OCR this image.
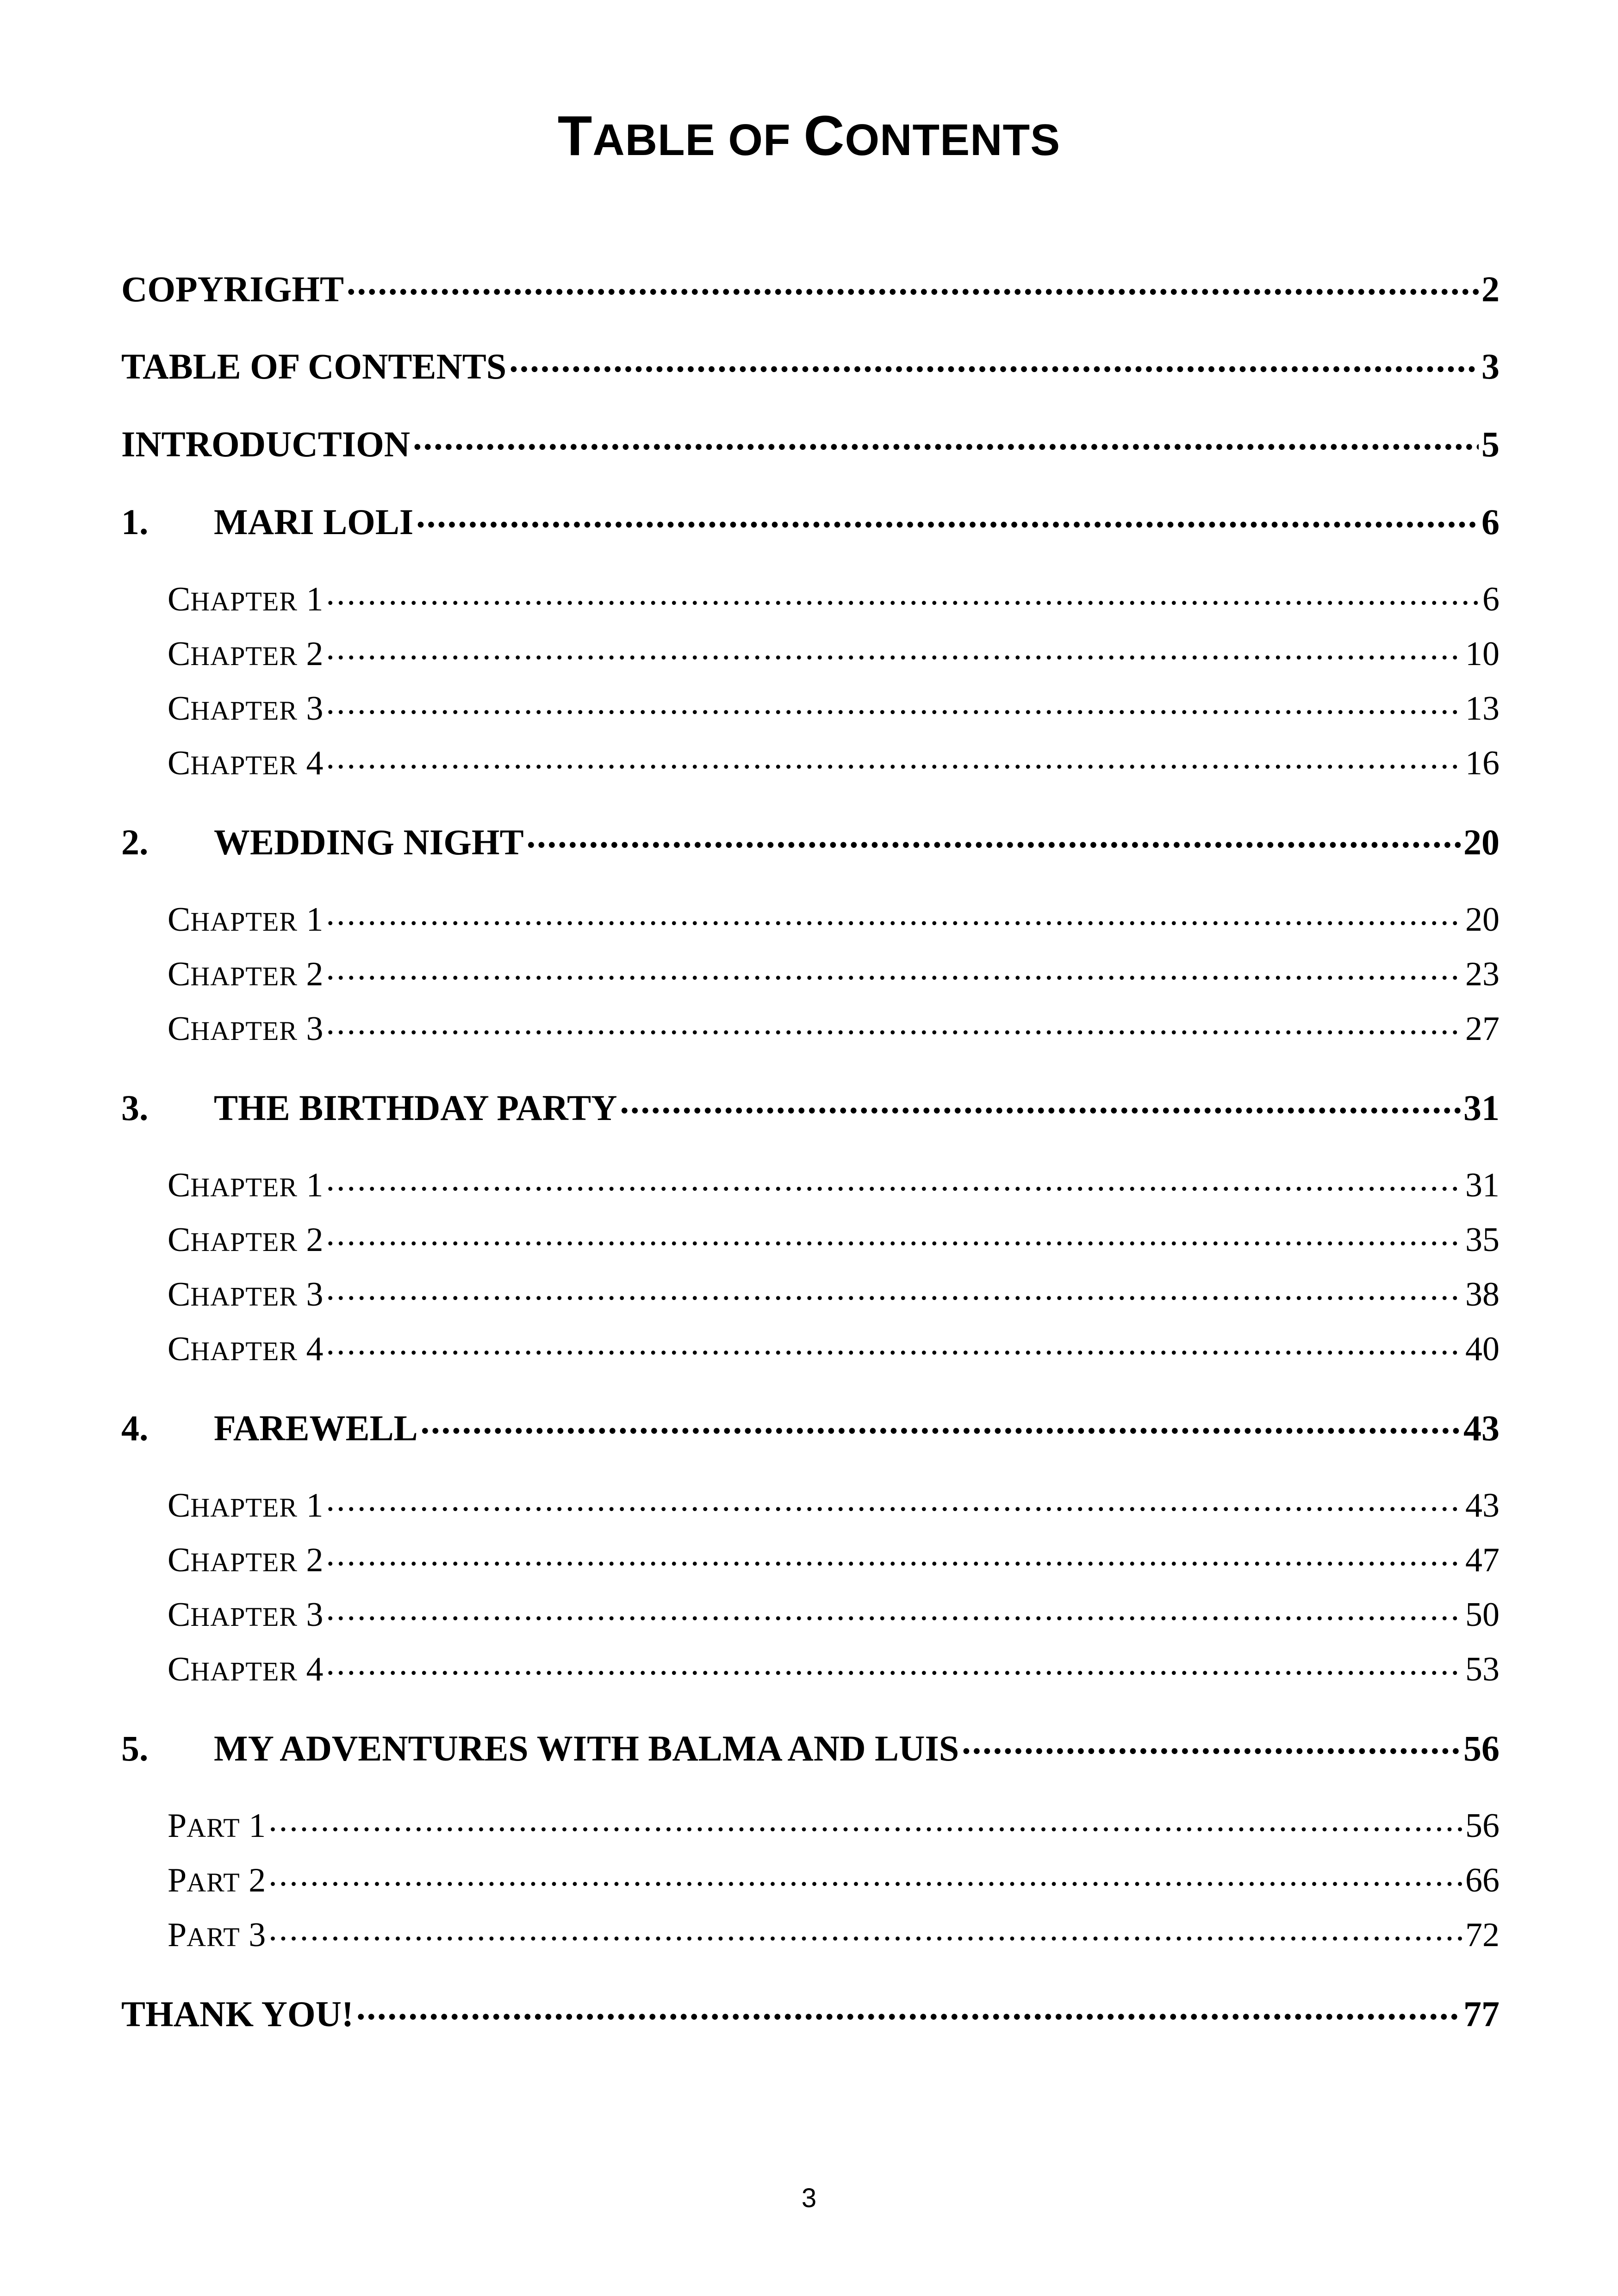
TABLE OF CONTENTS
COPYRIGHT .....	2
TABLE OF CONTENTS .....	3
INTRODUCTION .....	5
1.	MARI LOLI .....	6
CHAPTER 1 .....	6
CHAPTER 2 .....	10
CHAPTER 3 .....	13
CHAPTER 4 .....	16
2.	WEDDING NIGHT .....	20
CHAPTER 1 .....	20
CHAPTER 2 .....	23
CHAPTER 3 .....	27
3.	THE BIRTHDAY PARTY .....	31
CHAPTER 1 .....	31
CHAPTER 2 .....	35
CHAPTER 3 .....	38
CHAPTER 4 .....	40
4.	FAREWELL .....	43
CHAPTER 1 .....	43
CHAPTER 2 .....	47
CHAPTER 3 .....	50
CHAPTER 4 .....	53
5.	MY ADVENTURES WITH BALMA AND LUIS .....	56
PART 1 .....	56
PART 2 .....	66
PART 3 .....	72
THANK YOU! .....	77
3
